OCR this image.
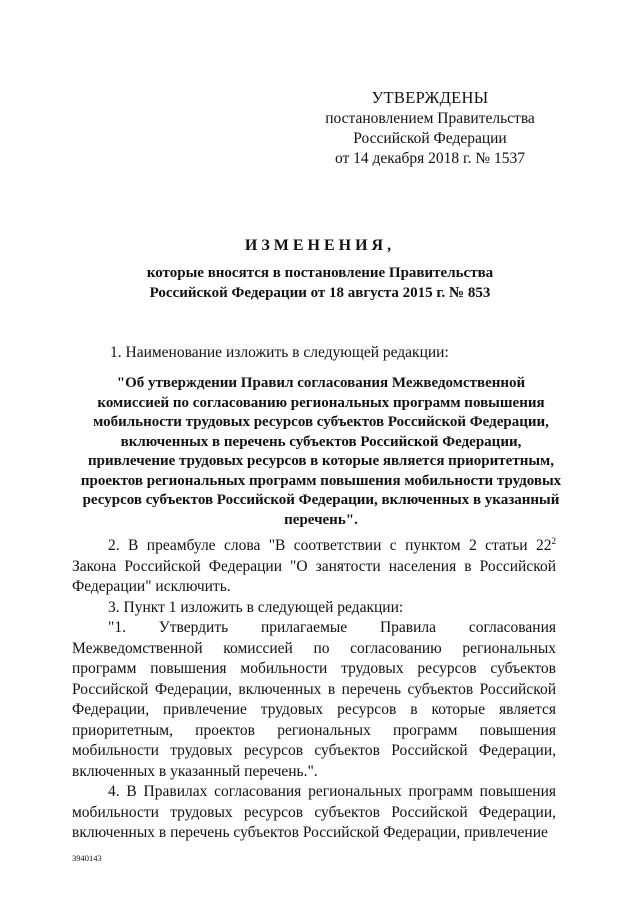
УТВЕРЖДЕНЫ
постановлением Правительства
Российской Федерации
от 14 декабря 2018 г. № 1537
ИЗМЕНЕНИЯ,
которые вносятся в постановление Правительства
Российской Федерации от 18 августа 2015 г. № 853
1. Наименование изложить в следующей редакции:
"Об утверждении Правил согласования Межведомственной
комиссией по согласованию региональных программ повышения
мобильности трудовых ресурсов субъектов Российской Федерации,
включенных в перечень субъектов Российской Федерации,
привлечение трудовых ресурсов в которые является приоритетным,
проектов региональных программ повышения мобильности трудовых
ресурсов субъектов Российской Федерации, включенных в указанный
перечень".

2. В преамбуле слова "В соответствии с пунктом 2 статьи $22^2$ Закона Российской Федерации "О занятости населения в Российской Федерации" исключить.

3. Пункт 1 изложить в следующей редакции:

"1. Утвердить прилагаемые Правила согласования Межведомственной комиссией по согласованию региональных программ повышения мобильности трудовых ресурсов субъектов Российской Федерации, включенных в перечень субъектов Российской Федерации, привлечение трудовых ресурсов в которые является приоритетным, проектов региональных программ повышения мобильности трудовых ресурсов субъектов Российской Федерации, включенных в указанный перечень.".

4. В Правилах согласования региональных программ повышения мобильности трудовых ресурсов субъектов Российской Федерации, включенных в перечень субъектов Российской Федерации, привлечение

3940143
